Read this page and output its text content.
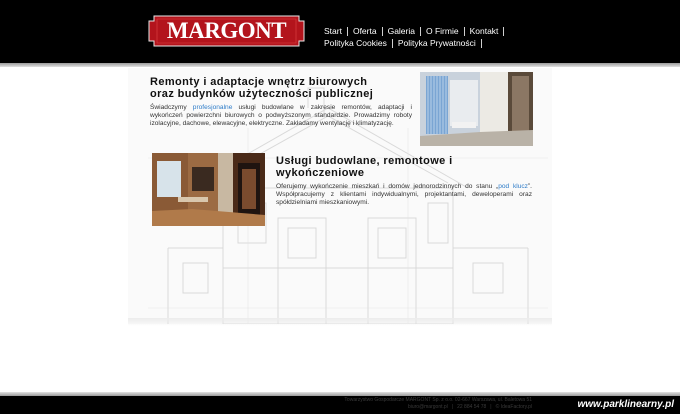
MARGONT	Start Oferta Galeria O Firmie Kontakt
Polityka Cookies Polityka Prywatności
Remonty i adaptacje wnętrz biurowych
oraz budynków użyteczności publicznej
Świadczymy profesjonalne usługi budowlane w zakresie remontów, adaptacji i wykończeń powierzchni biurowych o podwyższonym standardzie. Prowadzimy roboty izolacyjne, dachowe, elewacyjne, elektryczne. Zakładamy wentylację i klimatyzację.
Usługi budowlane, remontowe i
wykończeniowe
Oferujemy wykończenie mieszkań i domów jednorodzinnych do stanu „pod klucz”. Współpracujemy z klientami indywidualnymi, projektantami, deweloperami oraz spółdzielniami mieszkaniowymi.
Towarzystwo Gospodarcze MARGONT Sp. z o.o. 02-667 Warszawa, ul. Baletowa 51
biuro@margont.pl | 22 884 54 78 | © IdeaFactory.pl	www.parklinearny.pl
